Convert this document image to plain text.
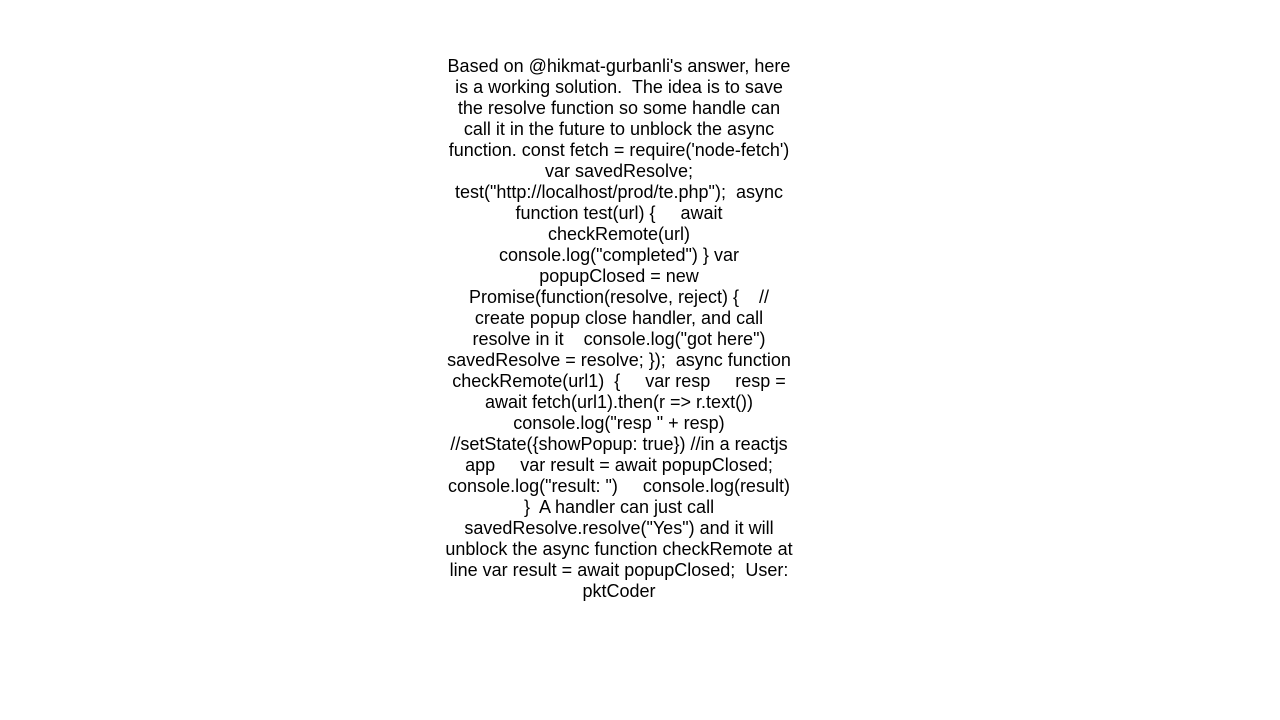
Based on @hikmat-gurbanli's answer, here is a working solution.  The idea is to save the resolve function so some handle can call it in the future to unblock the async function. const fetch = require('node-fetch')  var savedResolve; test("http://localhost/prod/te.php");  async function test(url) {     await checkRemote(url)     console.log("completed") } var popupClosed = new Promise(function(resolve, reject) {    // create popup close handler, and call resolve in it    console.log("got here")    savedResolve = resolve; });  async function checkRemote(url1)  {     var resp     resp = await fetch(url1).then(r => r.text())     console.log("resp " + resp)      //setState({showPopup: true}) //in a reactjs app     var result = await popupClosed;     console.log("result: ")     console.log(result) }  A handler can just call savedResolve.resolve("Yes") and it will unblock the async function checkRemote at line var result = await popupClosed; User: pktCoder
